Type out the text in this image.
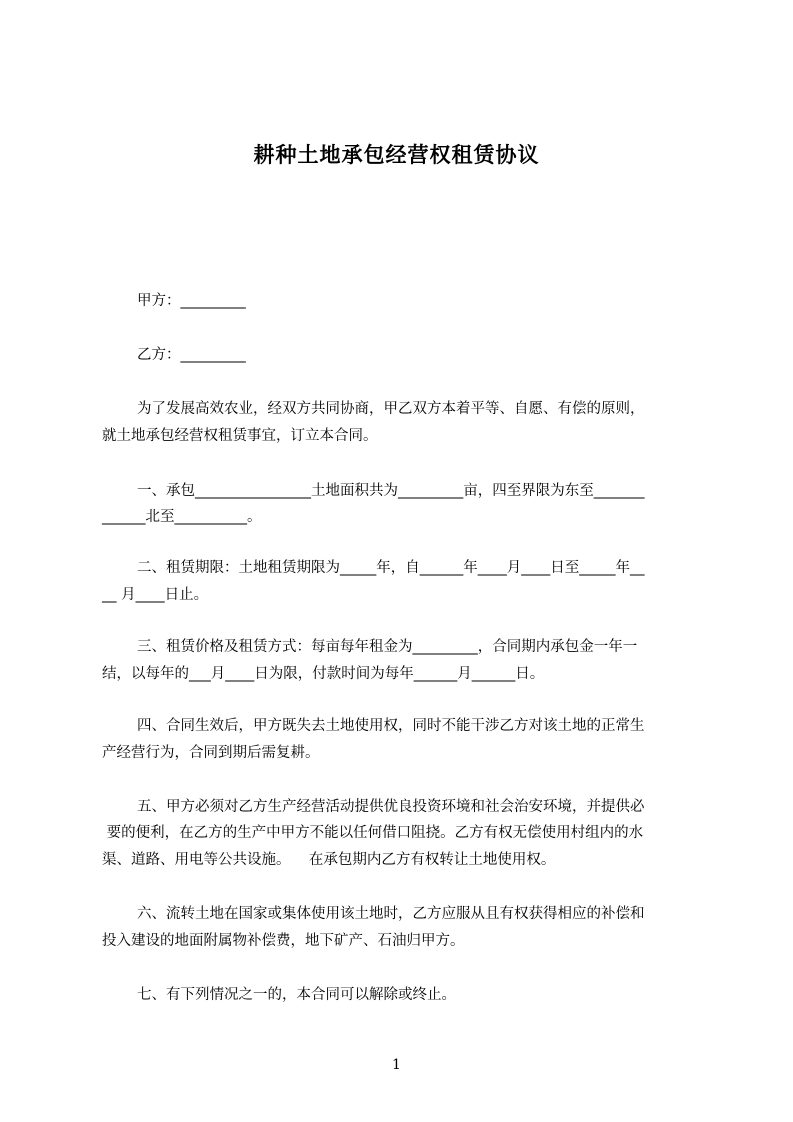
耕种土地承包经营权租赁协议
甲方：_________
乙方：_________
为了发展高效农业，经双方共同协商，甲乙双方本着平等、自愿、有偿的原则，
就土地承包经营权租赁事宜，订立本合同。
一、承包________________土地面积共为_________亩，四至界限为东至_______
______北至__________。
二、租赁期限：土地租赁期限为_____年，自______年____月____日至_____年__
__ 月____日止。
三、租赁价格及租赁方式：每亩每年租金为_________，合同期内承包金一年一
结，以每年的___月____日为限，付款时间为每年______月______日。
四、合同生效后，甲方既失去土地使用权，同时不能干涉乙方对该土地的正常生
产经营行为，合同到期后需复耕。
五、甲方必须对乙方生产经营活动提供优良投资环境和社会治安环境，并提供必
要的便利，在乙方的生产中甲方不能以任何借口阻挠。乙方有权无偿使用村组内的水
渠、道路、用电等公共设施。    在承包期内乙方有权转让土地使用权。
六、流转土地在国家或集体使用该土地时，乙方应服从且有权获得相应的补偿和
投入建设的地面附属物补偿费，地下矿产、石油归甲方。
七、有下列情况之一的，本合同可以解除或终止。
1
